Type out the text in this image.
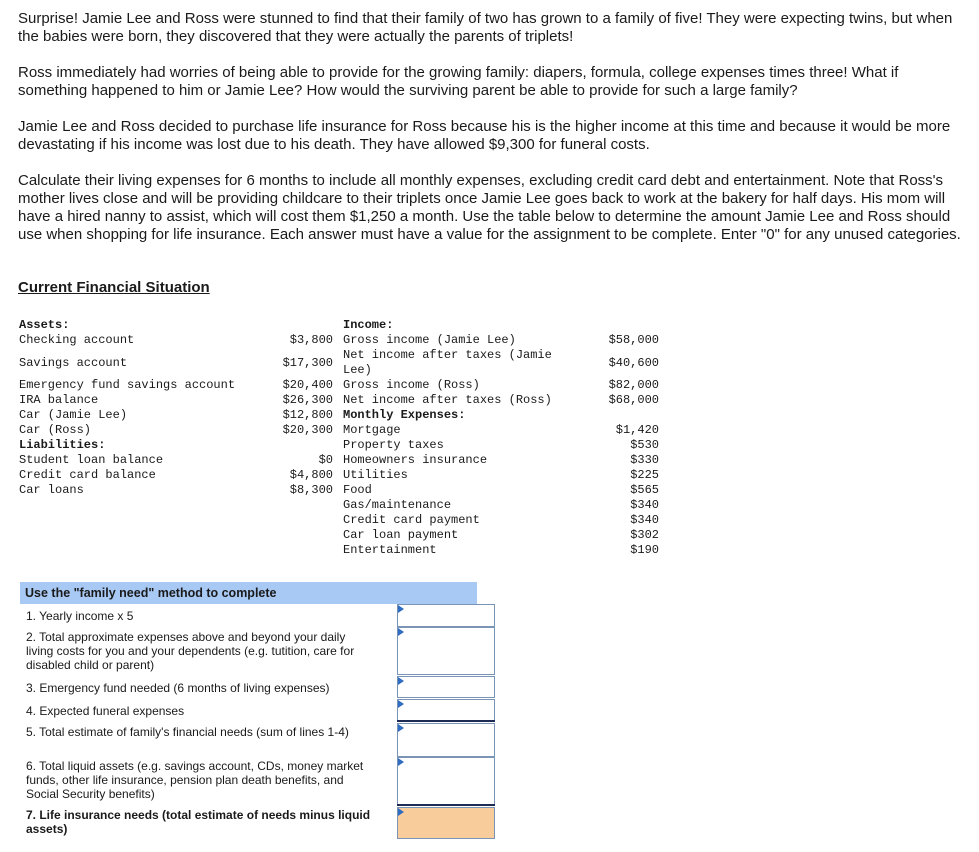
Surprise! Jamie Lee and Ross were stunned to find that their family of two has grown to a family of five! They were expecting twins, but when the babies were born, they discovered that they were actually the parents of triplets!

Ross immediately had worries of being able to provide for the growing family: diapers, formula, college expenses times three! What if something happened to him or Jamie Lee? How would the surviving parent be able to provide for such a large family?

Jamie Lee and Ross decided to purchase life insurance for Ross because his is the higher income at this time and because it would be more devastating if his income was lost due to his death. They have allowed $9,300 for funeral costs.

Calculate their living expenses for 6 months to include all monthly expenses, excluding credit card debt and entertainment. Note that Ross's mother lives close and will be providing childcare to their triplets once Jamie Lee goes back to work at the bakery for half days. His mom will have a hired nanny to assist, which will cost them $1,250 a month. Use the table below to determine the amount Jamie Lee and Ross should use when shopping for life insurance. Each answer must have a value for the assignment to be complete. Enter "0" for any unused categories.

Current Financial Situation

Assets:
Checking account	$3,800
Savings account	$17,300
Emergency fund savings account	$20,400
IRA balance	$26,300
Car (Jamie Lee)	$12,800
Car (Ross)	$20,300
Liabilities:
Student loan balance	$0
Credit card balance	$4,800
Car loans	$8,300
Income:
Gross income (Jamie Lee)	$58,000
Net income after taxes (Jamie
Lee)	$40,600
Gross income (Ross)	$82,000
Net income after taxes (Ross)	$68,000
Monthly Expenses:
Mortgage	$1,420
Property taxes	$530
Homeowners insurance	$330
Utilities	$225
Food	$565
Gas/maintenance	$340
Credit card payment	$340
Car loan payment	$302
Entertainment	$190
Use the "family need" method to complete
1. Yearly income x 5
2. Total approximate expenses above and beyond your daily living costs for you and your dependents (e.g. tutition, care for disabled child or parent)
3. Emergency fund needed (6 months of living expenses)
4. Expected funeral expenses
5. Total estimate of family's financial needs (sum of lines 1-4)
6. Total liquid assets (e.g. savings account, CDs, money market funds, other life insurance, pension plan death benefits, and Social Security benefits)
7. Life insurance needs (total estimate of needs minus liquid assets)
